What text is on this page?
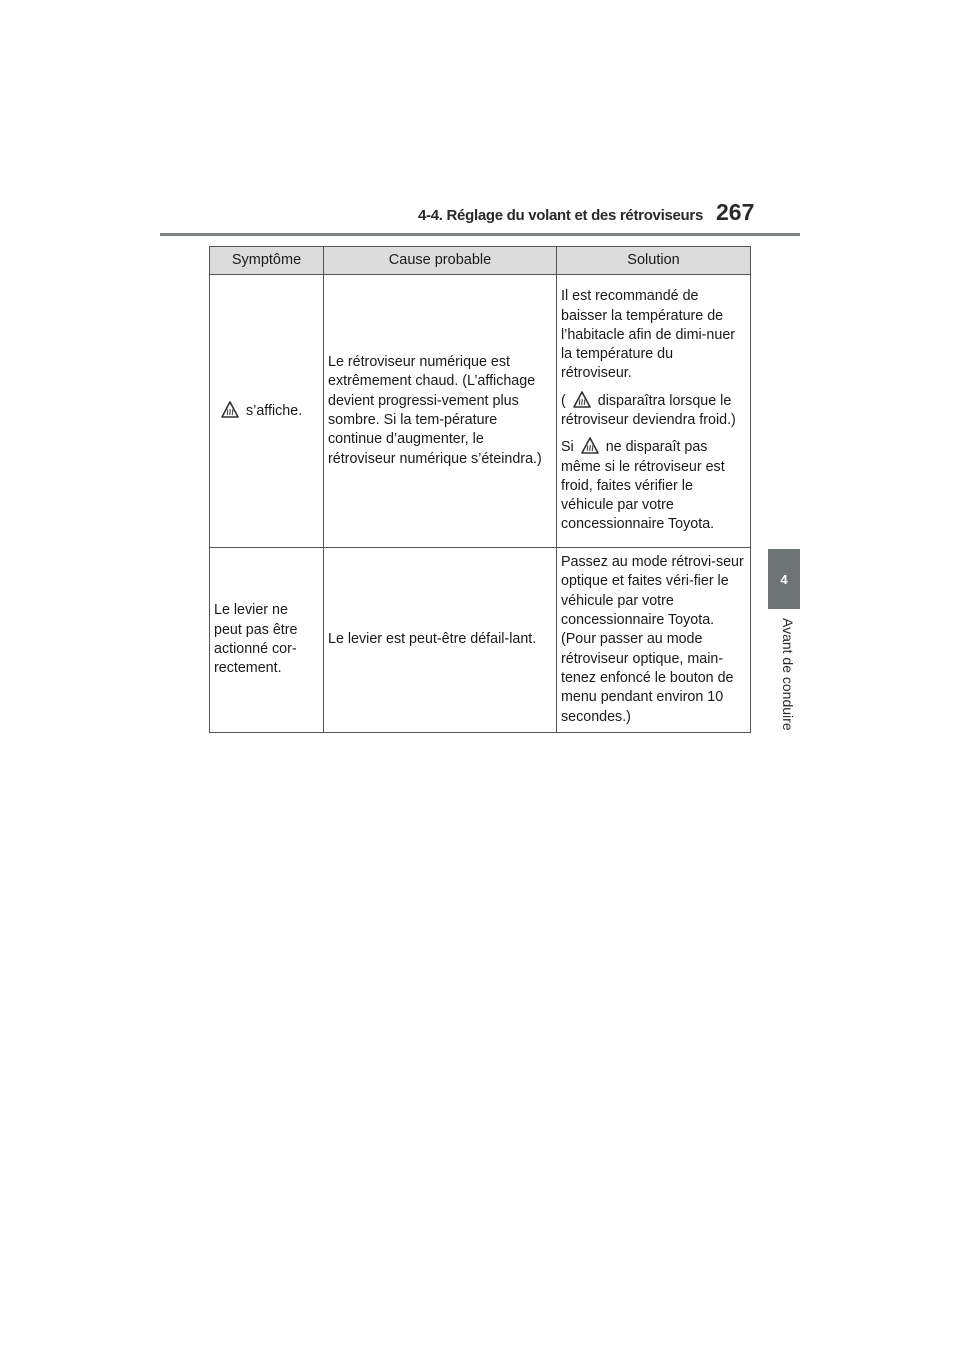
4-4. Réglage du volant et des rétroviseurs 267
4
Avant de conduire
Symptôme	Cause probable	Solution
s’affiche.	Le rétroviseur numérique est extrêmement chaud. (L’affichage devient progressi-vement plus sombre. Si la tem-pérature continue d’augmenter, le rétroviseur numérique s’éteindra.)	Il est recommandé de baisser la température de l’habitacle afin de dimi-nuer la température du rétroviseur.

( disparaîtra lorsque le rétroviseur deviendra froid.)

Si ne disparaît pas même si le rétroviseur est froid, faites vérifier le véhicule par votre concessionnaire Toyota.

Le levier ne peut pas être actionné cor-rectement.	Le levier est peut-être défail-lant.	Passez au mode rétrovi-seur optique et faites véri-fier le véhicule par votre concessionnaire Toyota. (Pour passer au mode rétroviseur optique, main-tenez enfoncé le bouton de menu pendant environ 10 secondes.)
